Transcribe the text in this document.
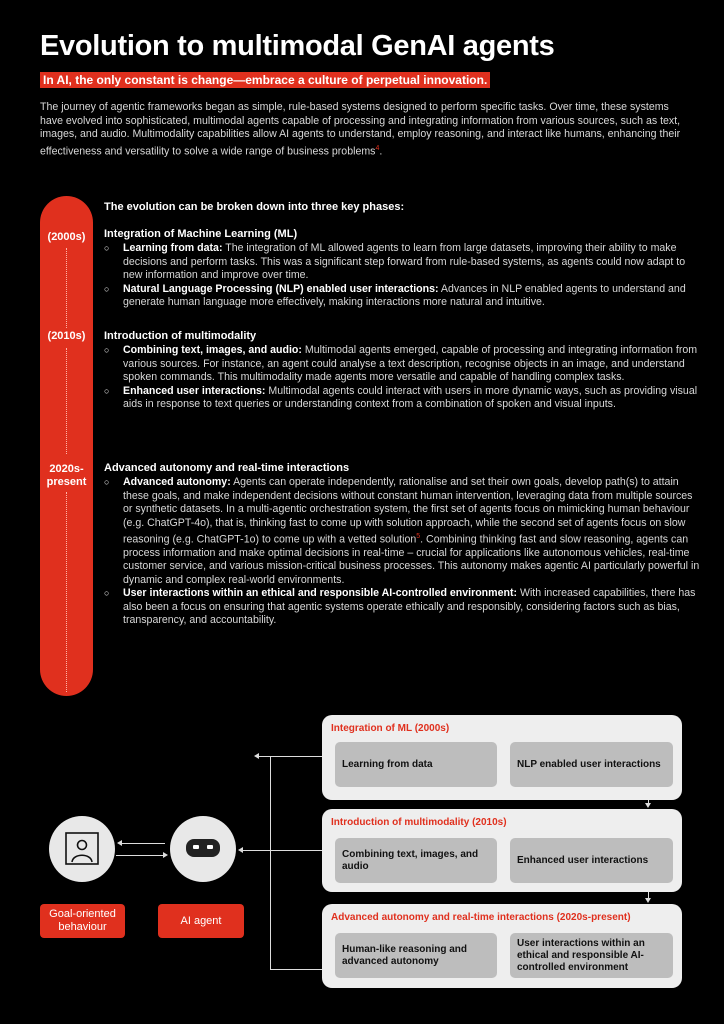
Evolution to multimodal GenAI agents
In AI, the only constant is change—embrace a culture of perpetual innovation.
The journey of agentic frameworks began as simple, rule-based systems designed to perform specific tasks. Over time, these systems have evolved into sophisticated, multimodal agents capable of processing and integrating information from various sources, such as text, images, and audio. Multimodality capabilities allow AI agents to understand, employ reasoning, and interact like humans, enhancing their effectiveness and versatility to solve a wide range of business problems$^4$.
(2000s)
(2010s)
2020s-
present
The evolution can be broken down into three key phases:
Integration of Machine Learning (ML)
○ Learning from data: The integration of ML allowed agents to learn from large datasets, improving their ability to make decisions and perform tasks. This was a significant step forward from rule-based systems, as agents could now adapt to new information and improve over time.
○ Natural Language Processing (NLP) enabled user interactions: Advances in NLP enabled agents to understand and generate human language more effectively, making interactions more natural and intuitive.
Introduction of multimodality
○ Combining text, images, and audio: Multimodal agents emerged, capable of processing and integrating information from various sources. For instance, an agent could analyse a text description, recognise objects in an image, and understand spoken commands. This multimodality made agents more versatile and capable of handling complex tasks.
○ Enhanced user interactions: Multimodal agents could interact with users in more dynamic ways, such as providing visual aids in response to text queries or understanding context from a combination of spoken and visual inputs.
Advanced autonomy and real-time interactions
○ Advanced autonomy: Agents can operate independently, rationalise and set their own goals, develop path(s) to attain these goals, and make independent decisions without constant human intervention, leveraging data from multiple sources or synthetic datasets. In a multi-agentic orchestration system, the first set of agents focus on mimicking human behaviour (e.g. ChatGPT-4o), that is, thinking fast to come up with solution approach, while the second set of agents focus on slow reasoning (e.g. ChatGPT-1o) to come up with a vetted solution$^5$. Combining thinking fast and slow reasoning, agents can process information and make optimal decisions in real-time – crucial for applications like autonomous vehicles, real-time customer service, and various mission-critical business processes. This autonomy makes agentic AI particularly powerful in dynamic and complex real-world environments.
○ User interactions within an ethical and responsible AI-controlled environment: With increased capabilities, there has also been a focus on ensuring that agentic systems operate ethically and responsibly, considering factors such as bias, transparency, and accountability.
Integration of ML (2000s)
Learning from data	NLP enabled user interactions
Introduction of multimodality (2010s)
Combining text, images, and audio
Enhanced user interactions
Advanced autonomy and real-time interactions (2020s-present)
Human-like reasoning and advanced autonomy
User interactions within an ethical and responsible AI-controlled environment
Goal-oriented behaviour
AI agent
